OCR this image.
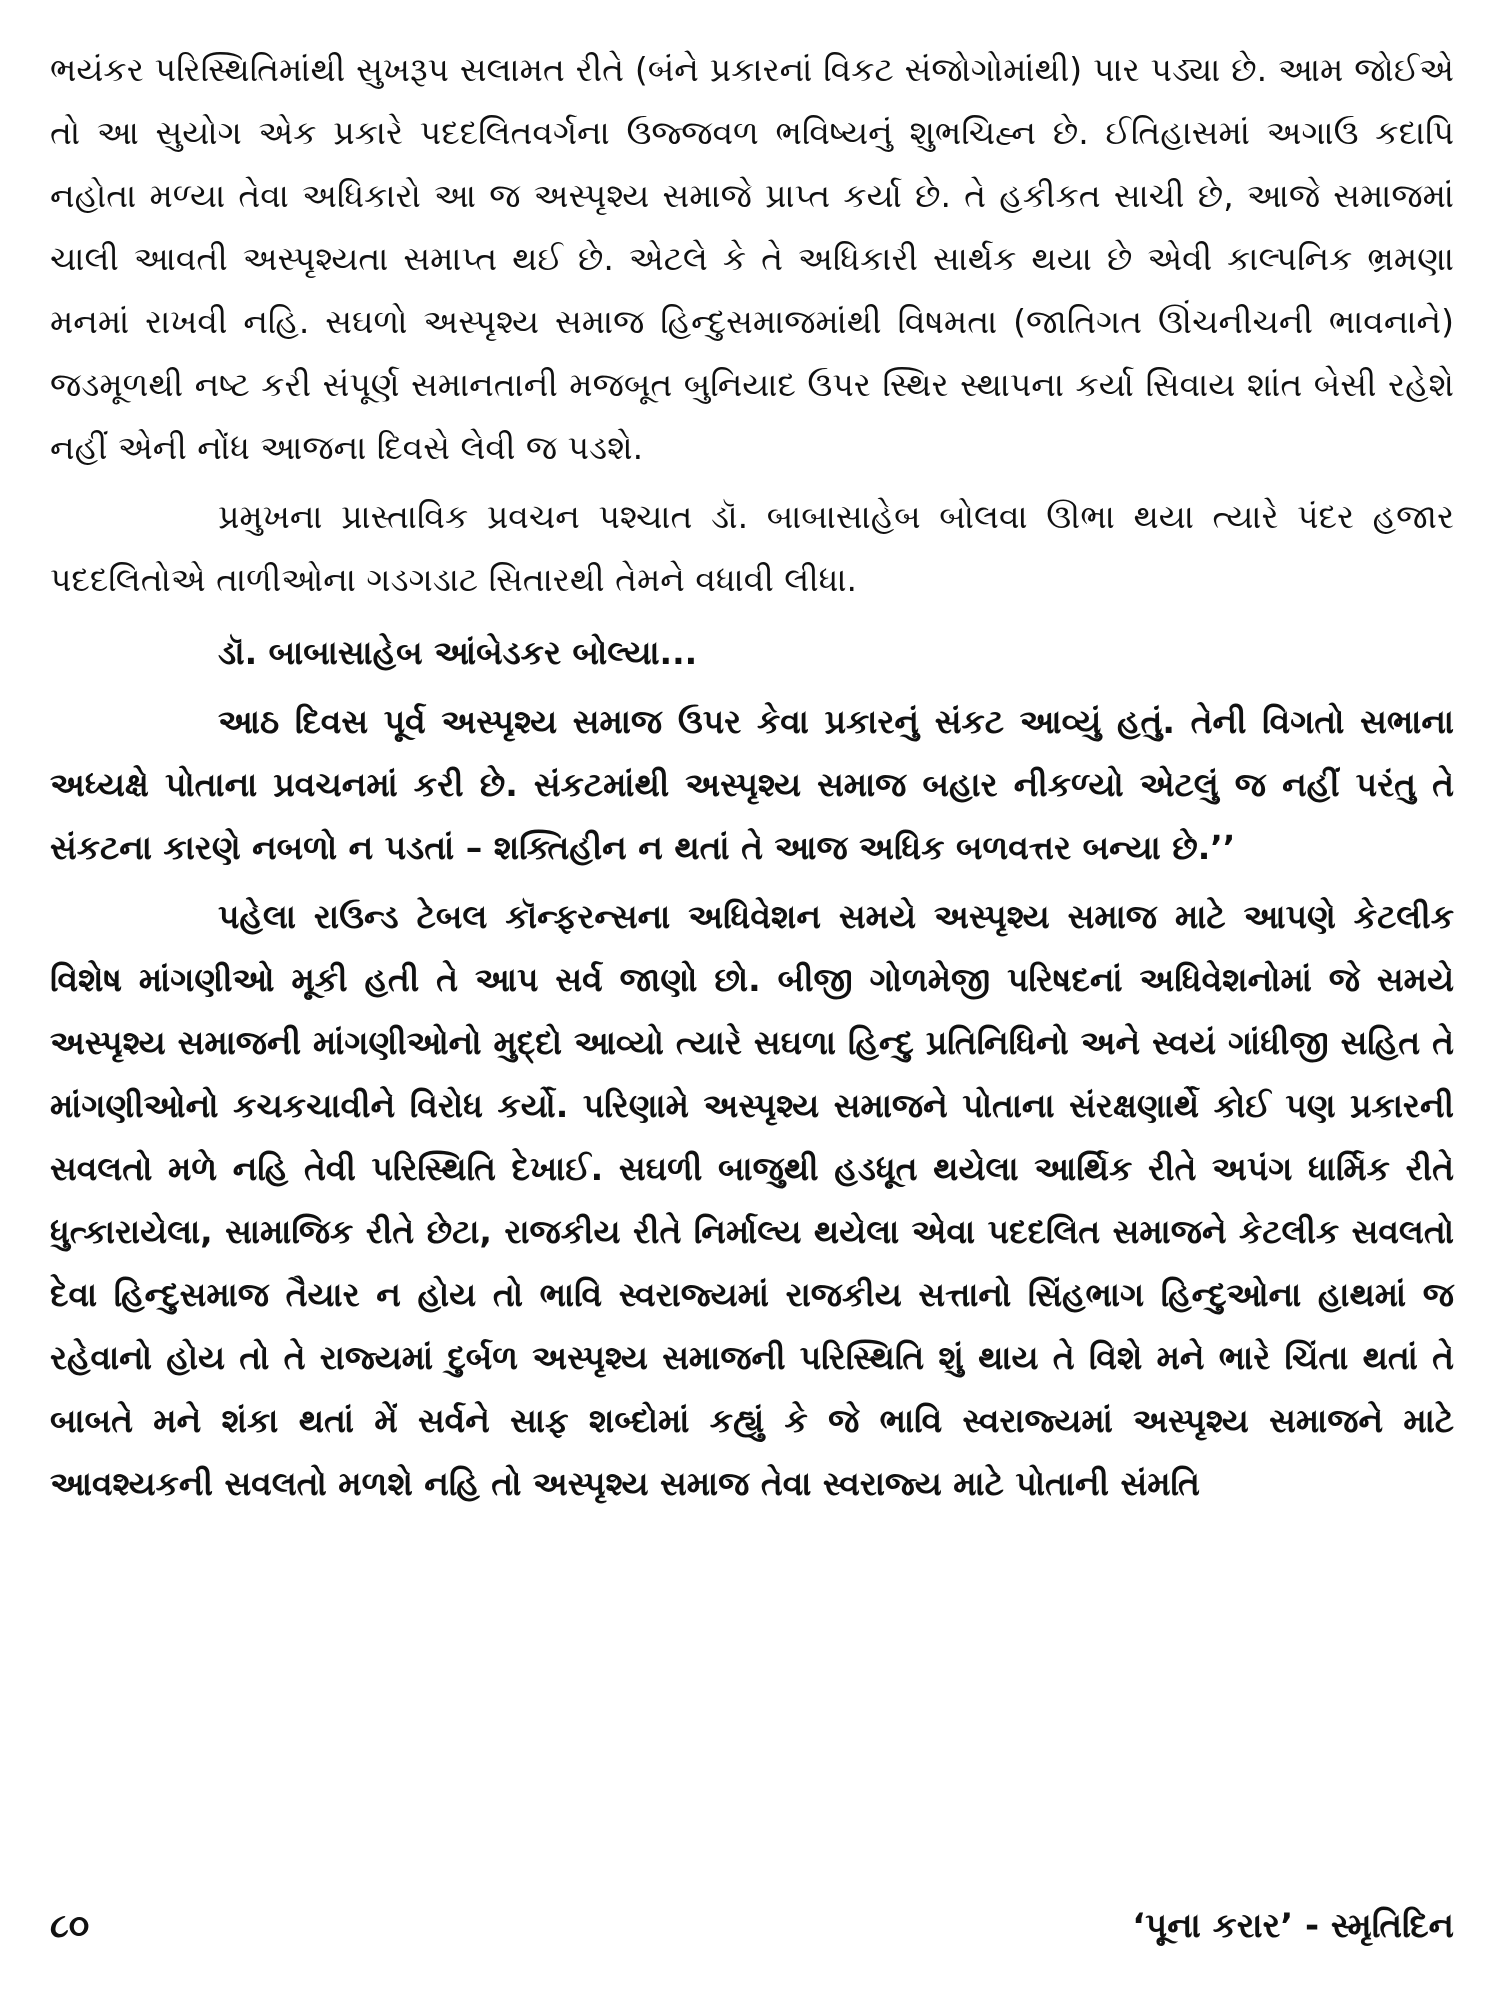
ભયંકર પરિસ્થિતિમાંથી સુખરૂપ સલામત રીતે (બંને પ્રકારનાં વિકટ સંજોગોમાંથી) પાર પડ્યા છે. આમ જોઈએ તો આ સુયોગ એક પ્રકારે પદદલિતવર્ગના ઉજ્જવળ ભવિષ્યનું શુભચિહ્ન છે. ઈતિહાસમાં અગાઉ કદાપિ નહોતા મળ્યા તેવા અધિકારો આ જ અસ્પૃશ્ય સમાજે પ્રાપ્ત કર્યા છે. તે હકીકત સાચી છે, આજે સમાજમાં ચાલી આવતી અસ્પૃશ્યતા સમાપ્ત થઈ છે. એટલે કે તે અધિકારી સાર્થક થયા છે એવી કાલ્પનિક ભ્રમણા મનમાં રાખવી નહિ. સઘળો અસ્પૃશ્ય સમાજ હિન્દુસમાજમાંથી વિષમતા (જાતિગત ઊંચનીચની ભાવનાને) જડમૂળથી નષ્ટ કરી સંપૂર્ણ સમાનતાની મજબૂત બુનિયાદ ઉપર સ્થિર સ્થાપના કર્યા સિવાય શાંત બેસી રહેશે નહીં એની નોંધ આજના દિવસે લેવી જ પડશે.

પ્રમુખના પ્રાસ્તાવિક પ્રવચન પશ્ચાત ડૉ. બાબાસાહેબ બોલવા ઊભા થયા ત્યારે પંદર હજાર પદદલિતોએ તાળીઓના ગડગડાટ સિતારથી તેમને વધાવી લીધા.

ડૉ. બાબાસાહેબ આંબેડકર બોલ્યા...

આઠ દિવસ પૂર્વ અસ્પૃશ્ય સમાજ ઉપર કેવા પ્રકારનું સંકટ આવ્યું હતું. તેની વિગતો સભાના અધ્યક્ષે પોતાના પ્રવચનમાં કરી છે. સંકટમાંથી અસ્પૃશ્ય સમાજ બહાર નીકળ્યો એટલું જ નહીં પરંતુ તે સંકટના કારણે નબળો ન પડતાં – શક્તિહીન ન થતાં તે આજ અધિક બળવત્તર બન્યા છે.’’

પહેલા રાઉન્ડ ટેબલ કૉન્ફરન્સના અધિવેશન સમયે અસ્પૃશ્ય સમાજ માટે આપણે કેટલીક વિશેષ માંગણીઓ મૂકી હતી તે આપ સર્વ જાણો છો. બીજી ગોળમેજી પરિષદનાં અધિવેશનોમાં જે સમયે અસ્પૃશ્ય સમાજની માંગણીઓનો મુદ્દો આવ્યો ત્યારે સઘળા હિન્દુ પ્રતિનિધિનો અને સ્વયં ગાંધીજી સહિત તે માંગણીઓનો કચકચાવીને વિરોધ કર્યો. પરિણામે અસ્પૃશ્ય સમાજને પોતાના સંરક્ષણાર્થે કોઈ પણ પ્રકારની સવલતો મળે નહિ તેવી પરિસ્થિતિ દેખાઈ. સઘળી બાજુથી હડધૂત થયેલા આર્થિક રીતે અપંગ ધાર્મિક રીતે ધુત્કારાયેલા, સામાજિક રીતે છેટા, રાજકીય રીતે નિર્માલ્ય થયેલા એવા પદદલિત સમાજને કેટલીક સવલતો દેવા હિન્દુસમાજ તૈયાર ન હોય તો ભાવિ સ્વરાજ્યમાં રાજકીય સત્તાનો સિંહભાગ હિન્દુઓના હાથમાં જ રહેવાનો હોય તો તે રાજ્યમાં દુર્બળ અસ્પૃશ્ય સમાજની પરિસ્થિતિ શું થાય તે વિશે મને ભારે ચિંતા થતાં તે બાબતે મને શંકા થતાં મેં સર્વને સાફ શબ્દોમાં કહ્યું કે જે ભાવિ સ્વરાજ્યમાં અસ્પૃશ્ય સમાજને માટે આવશ્યકની સવલતો મળશે નહિ તો અસ્પૃશ્ય સમાજ તેવા સ્વરાજ્ય માટે પોતાની સંમતિ

૮૦	‘પૂના કરાર’ - સ્મૃતિદિન
